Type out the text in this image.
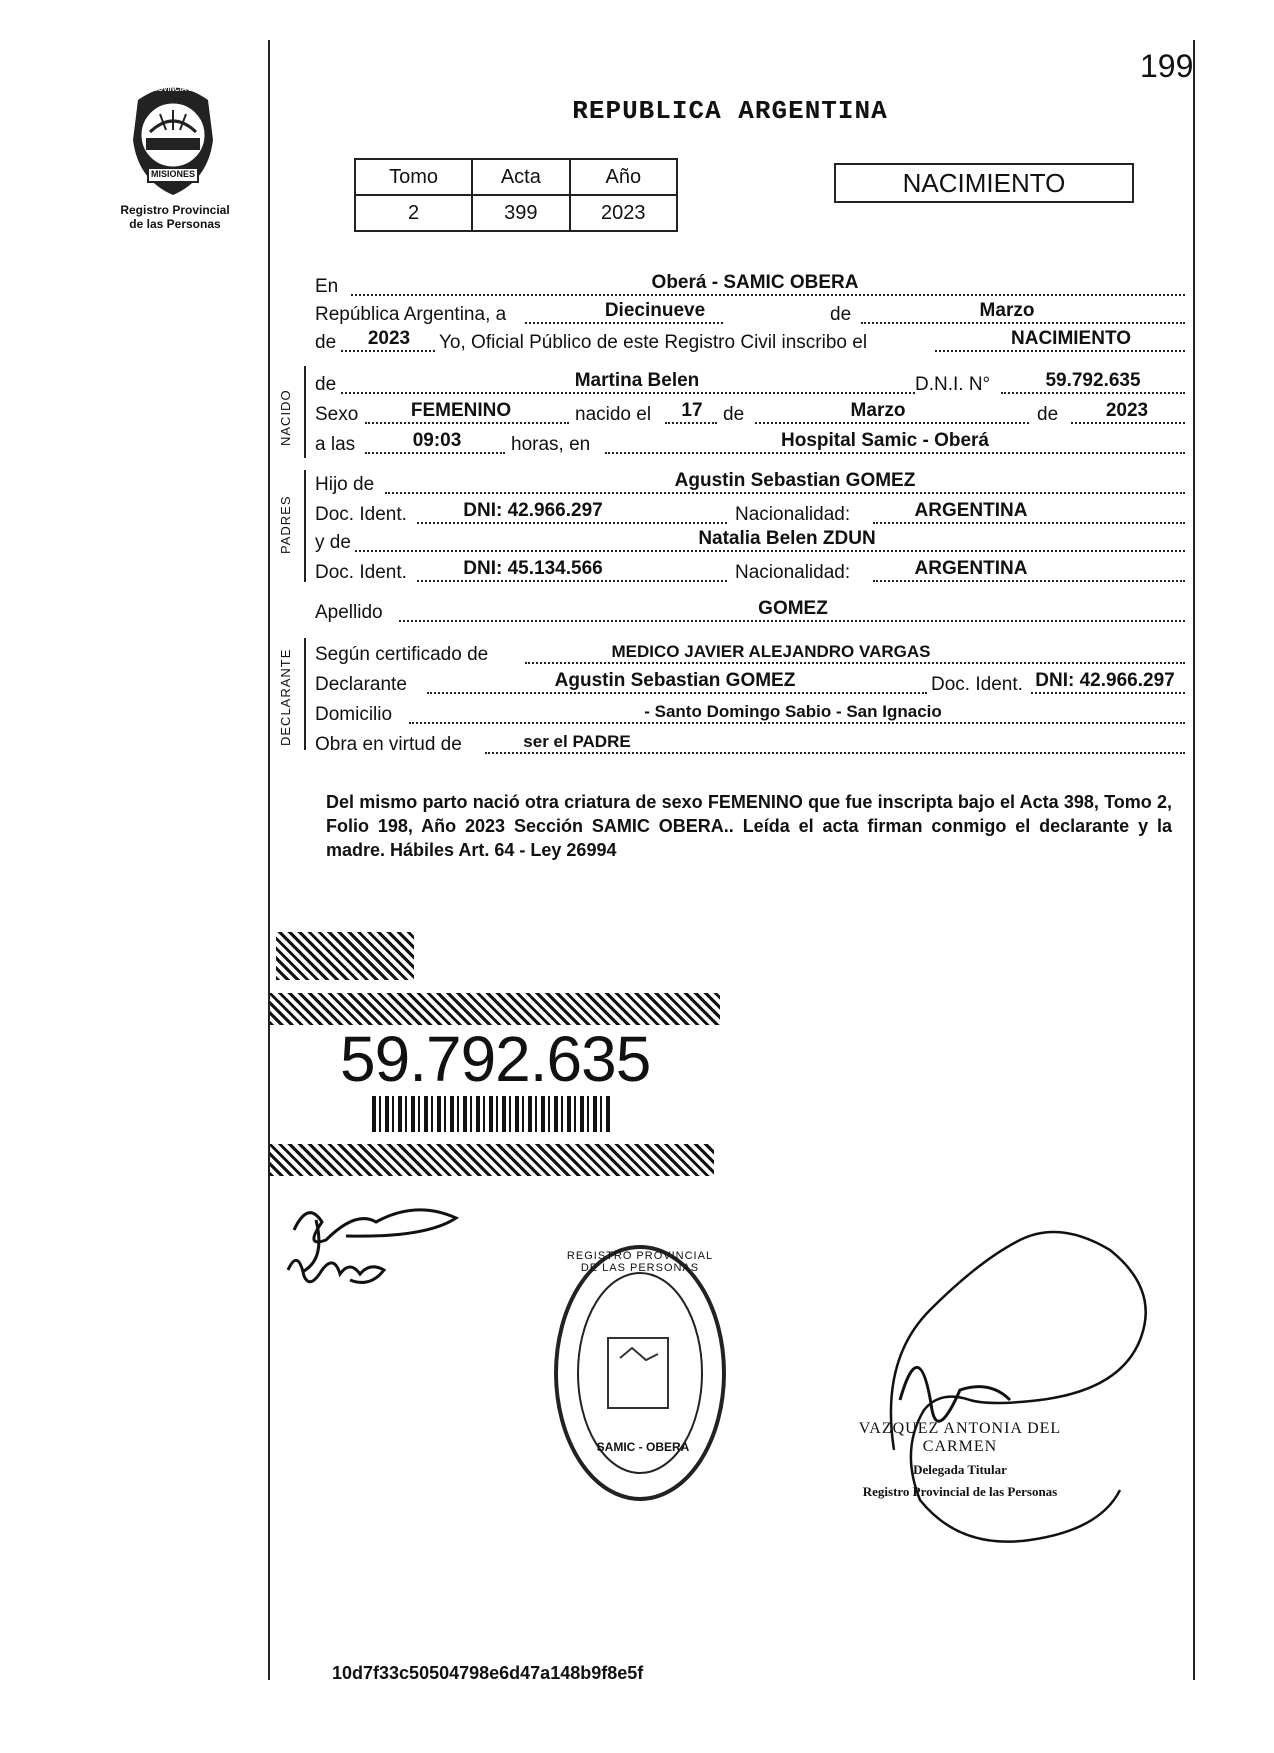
199
PROVINCIA DE
MISIONES
Registro Provincial
de las Personas
REPUBLICA ARGENTINA
Tomo	Acta	Año
2	399	2023
NACIMIENTO
En	Oberá - SAMIC OBERA
República Argentina, a	Diecinueve	de	Marzo
de 2023 Yo, Oficial Público de este Registro Civil inscribo el	NACIMIENTO
NACIDO
de	Martina Belen	D.N.I. N°	59.792.635
Sexo	FEMENINO	nacido el 17 de	Marzo	de	2023
a las	09:03	horas, en	Hospital Samic - Oberá
PADRES
Hijo de	Agustin Sebastian GOMEZ
Doc. Ident.	DNI: 42.966.297	Nacionalidad:	ARGENTINA
y de	Natalia Belen ZDUN
Doc. Ident.	DNI: 45.134.566	Nacionalidad:	ARGENTINA
Apellido	GOMEZ
DECLARANTE Según certificado de	MEDICO JAVIER ALEJANDRO VARGAS
Declarante	Agustin Sebastian GOMEZ	Doc. Ident. DNI: 42.966.297
Domicilio	- Santo Domingo Sabio - San Ignacio
Obra en virtud de	ser el PADRE
Del mismo parto nació otra criatura de sexo FEMENINO que fue inscripta bajo el Acta 398, Tomo 2, Folio 198, Año 2023 Sección SAMIC OBERA.. Leída el acta firman conmigo el declarante y la madre. Hábiles Art. 64 - Ley 26994
59.792.635
REGISTRO PROVINCIAL DE LAS PERSONAS
SAMIC - OBERA
VAZQUEZ ANTONIA DEL CARMEN
Delegada Titular
Registro Provincial de las Personas
10d7f33c50504798e6d47a148b9f8e5f
